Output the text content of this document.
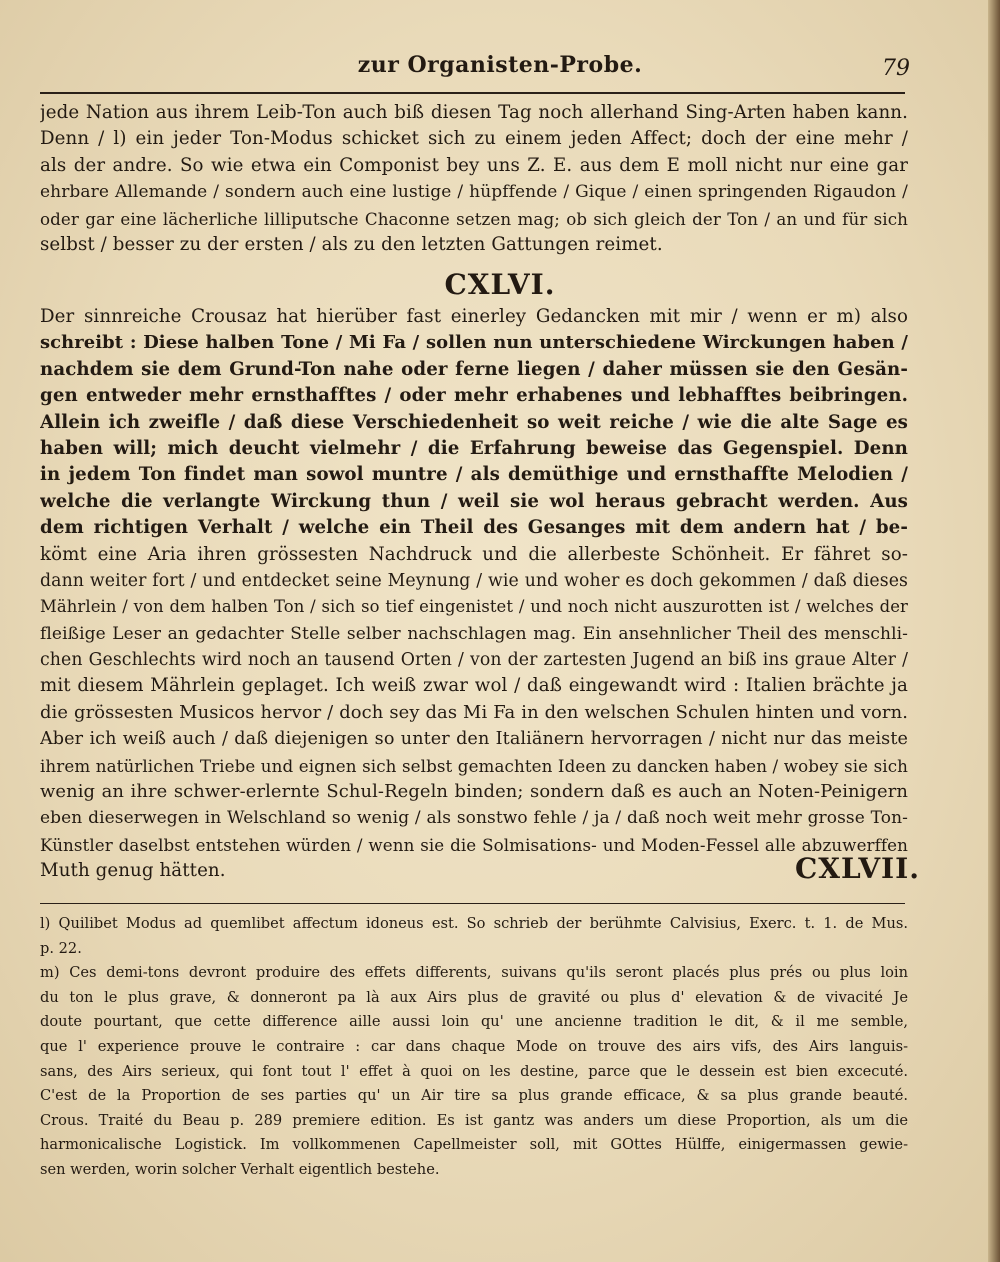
zur Organisten-Probe.	79
jede Nation aus ihrem Leib-Ton auch biß diesen Tag noch allerhand Sing-Arten haben kann.
Denn / l) ein jeder Ton-Modus schicket sich zu einem jeden Affect; doch der eine mehr /
als der andre. So wie etwa ein Componist bey uns Z. E. aus dem E moll nicht nur eine gar
ehrbare Allemande / sondern auch eine lustige / hüpffende / Gique / einen springenden Rigaudon /
oder gar eine lächerliche lilliputsche Chaconne setzen mag; ob sich gleich der Ton / an und für sich
selbst / besser zu der ersten / als zu den letzten Gattungen reimet.
CXLVI.
Der sinnreiche Crousaz hat hierüber fast einerley Gedancken mit mir / wenn er m) also
schreibt : Diese halben Tone / Mi Fa / sollen nun unterschiedene Wirckungen haben /
nachdem sie dem Grund-Ton nahe oder ferne liegen / daher müssen sie den Gesän-
gen entweder mehr ernsthafftes / oder mehr erhabenes und lebhafftes beibringen.
Allein ich zweifle / daß diese Verschiedenheit so weit reiche / wie die alte Sage es
haben will; mich deucht vielmehr / die Erfahrung beweise das Gegenspiel. Denn
in jedem Ton findet man sowol muntre / als demüthige und ernsthaffte Melodien /
welche die verlangte Wirckung thun / weil sie wol heraus gebracht werden. Aus
dem richtigen Verhalt / welche ein Theil des Gesanges mit dem andern hat / be-
kömt eine Aria ihren grössesten Nachdruck und die allerbeste Schönheit. Er fähret so-
dann weiter fort / und entdecket seine Meynung / wie und woher es doch gekommen / daß dieses
Mährlein / von dem halben Ton / sich so tief eingenistet / und noch nicht auszurotten ist / welches der
fleißige Leser an gedachter Stelle selber nachschlagen mag. Ein ansehnlicher Theil des menschli-
chen Geschlechts wird noch an tausend Orten / von der zartesten Jugend an biß ins graue Alter /
mit diesem Mährlein geplaget. Ich weiß zwar wol / daß eingewandt wird : Italien brächte ja
die grössesten Musicos hervor / doch sey das Mi Fa in den welschen Schulen hinten und vorn.
Aber ich weiß auch / daß diejenigen so unter den Italiänern hervorragen / nicht nur das meiste
ihrem natürlichen Triebe und eignen sich selbst gemachten Ideen zu dancken haben / wobey sie sich
wenig an ihre schwer-erlernte Schul-Regeln binden; sondern daß es auch an Noten-Peinigern
eben dieserwegen in Welschland so wenig / als sonstwo fehle / ja / daß noch weit mehr grosse Ton-
Künstler daselbst entstehen würden / wenn sie die Solmisations- und Moden-Fessel alle abzuwerffen
Muth genug hätten.	CXLVII.
l) Quilibet Modus ad quemlibet affectum idoneus est. So schrieb der berühmte Calvisius, Exerc. t. 1. de Mus.
p. 22.
m) Ces demi-tons devront produire des effets differents, suivans qu'ils seront placés plus prés ou plus loin
du ton le plus grave, & donneront pa là aux Airs plus de gravité ou plus d' elevation & de vivacité Je
doute pourtant, que cette difference aille aussi loin qu' une ancienne tradition le dit, & il me semble,
que l' experience prouve le contraire : car dans chaque Mode on trouve des airs vifs, des Airs languis-
sans, des Airs serieux, qui font tout l' effet à quoi on les destine, parce que le dessein est bien excecuté.
C'est de la Proportion de ses parties qu' un Air tire sa plus grande efficace, & sa plus grande beauté.
Crous. Traité du Beau p. 289 premiere edition. Es ist gantz was anders um diese Proportion, als um die
harmonicalische Logistick. Im vollkommenen Capellmeister soll, mit GOttes Hülffe, einigermassen gewie-
sen werden, worin solcher Verhalt eigentlich bestehe.
